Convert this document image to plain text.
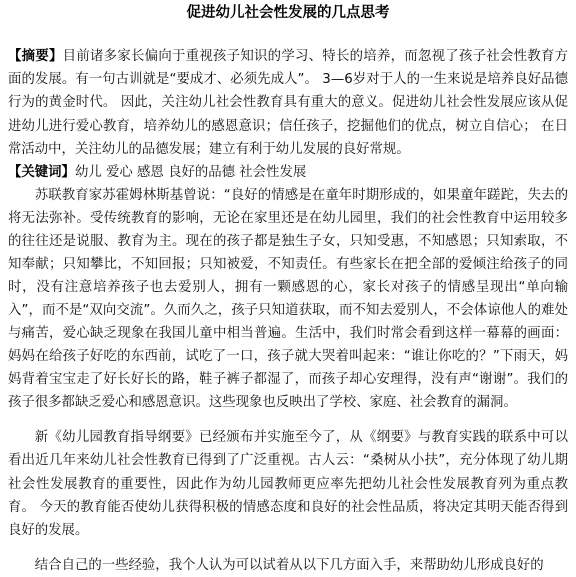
促进幼儿社会性发展的几点思考

【摘要】目前诸多家长偏向于重视孩子知识的学习、特长的培养，而忽视了孩子社会性教育方面的发展。有一句古训就是“要成才、必须先成人”。 3—6岁对于人的一生来说是培养良好品德行为的黄金时代。 因此，关注幼儿社会性教育具有重大的意义。促进幼儿社会性发展应该从促进幼儿进行爱心教育，培养幼儿的感恩意识；信任孩子，挖掘他们的优点，树立自信心； 在日常活动中，关注幼儿的品德发展；建立有利于幼儿发展的良好常规。

【关键词】幼儿 爱心 感恩 良好的品德 社会性发展

苏联教育家苏霍姆林斯基曾说：“良好的情感是在童年时期形成的，如果童年蹉跎，失去的将无法弥补。受传统教育的影响，无论在家里还是在幼儿园里，我们的社会性教育中运用较多的往往还是说服、教育为主。现在的孩子都是独生子女，只知受惠，不知感恩；只知索取，不知奉献；只知攀比，不知回报；只知被爱，不知责任。有些家长在把全部的爱倾注给孩子的同时，没有注意培养孩子也去爱别人，拥有一颗感恩的心，家长对孩子的情感呈现出“单向输入”，而不是“双向交流”。久而久之，孩子只知道获取，而不知去爱别人，不会体谅他人的难处与痛苦，爱心缺乏现象在我国儿童中相当普遍。生活中，我们时常会看到这样一幕幕的画面：妈妈在给孩子好吃的东西前，试吃了一口，孩子就大哭着叫起来：“谁让你吃的？”下雨天，妈妈背着宝宝走了好长好长的路，鞋子裤子都湿了，而孩子却心安理得，没有声“谢谢”。我们的孩子很多都缺乏爱心和感恩意识。这些现象也反映出了学校、家庭、社会教育的漏洞。

新《幼儿园教育指导纲要》已经颁布并实施至今了，从《纲要》与教育实践的联系中可以看出近几年来幼儿社会性教育已得到了广泛重视。古人云：“桑树从小扶”，充分体现了幼儿期社会性发展教育的重要性，因此作为幼儿园教师更应率先把幼儿社会性发展教育列为重点教育。 今天的教育能否使幼儿获得积极的情感态度和良好的社会性品质，将决定其明天能否得到良好的发展。

结合自己的一些经验，我个人认为可以试着从以下几方面入手，来帮助幼儿形成良好的
